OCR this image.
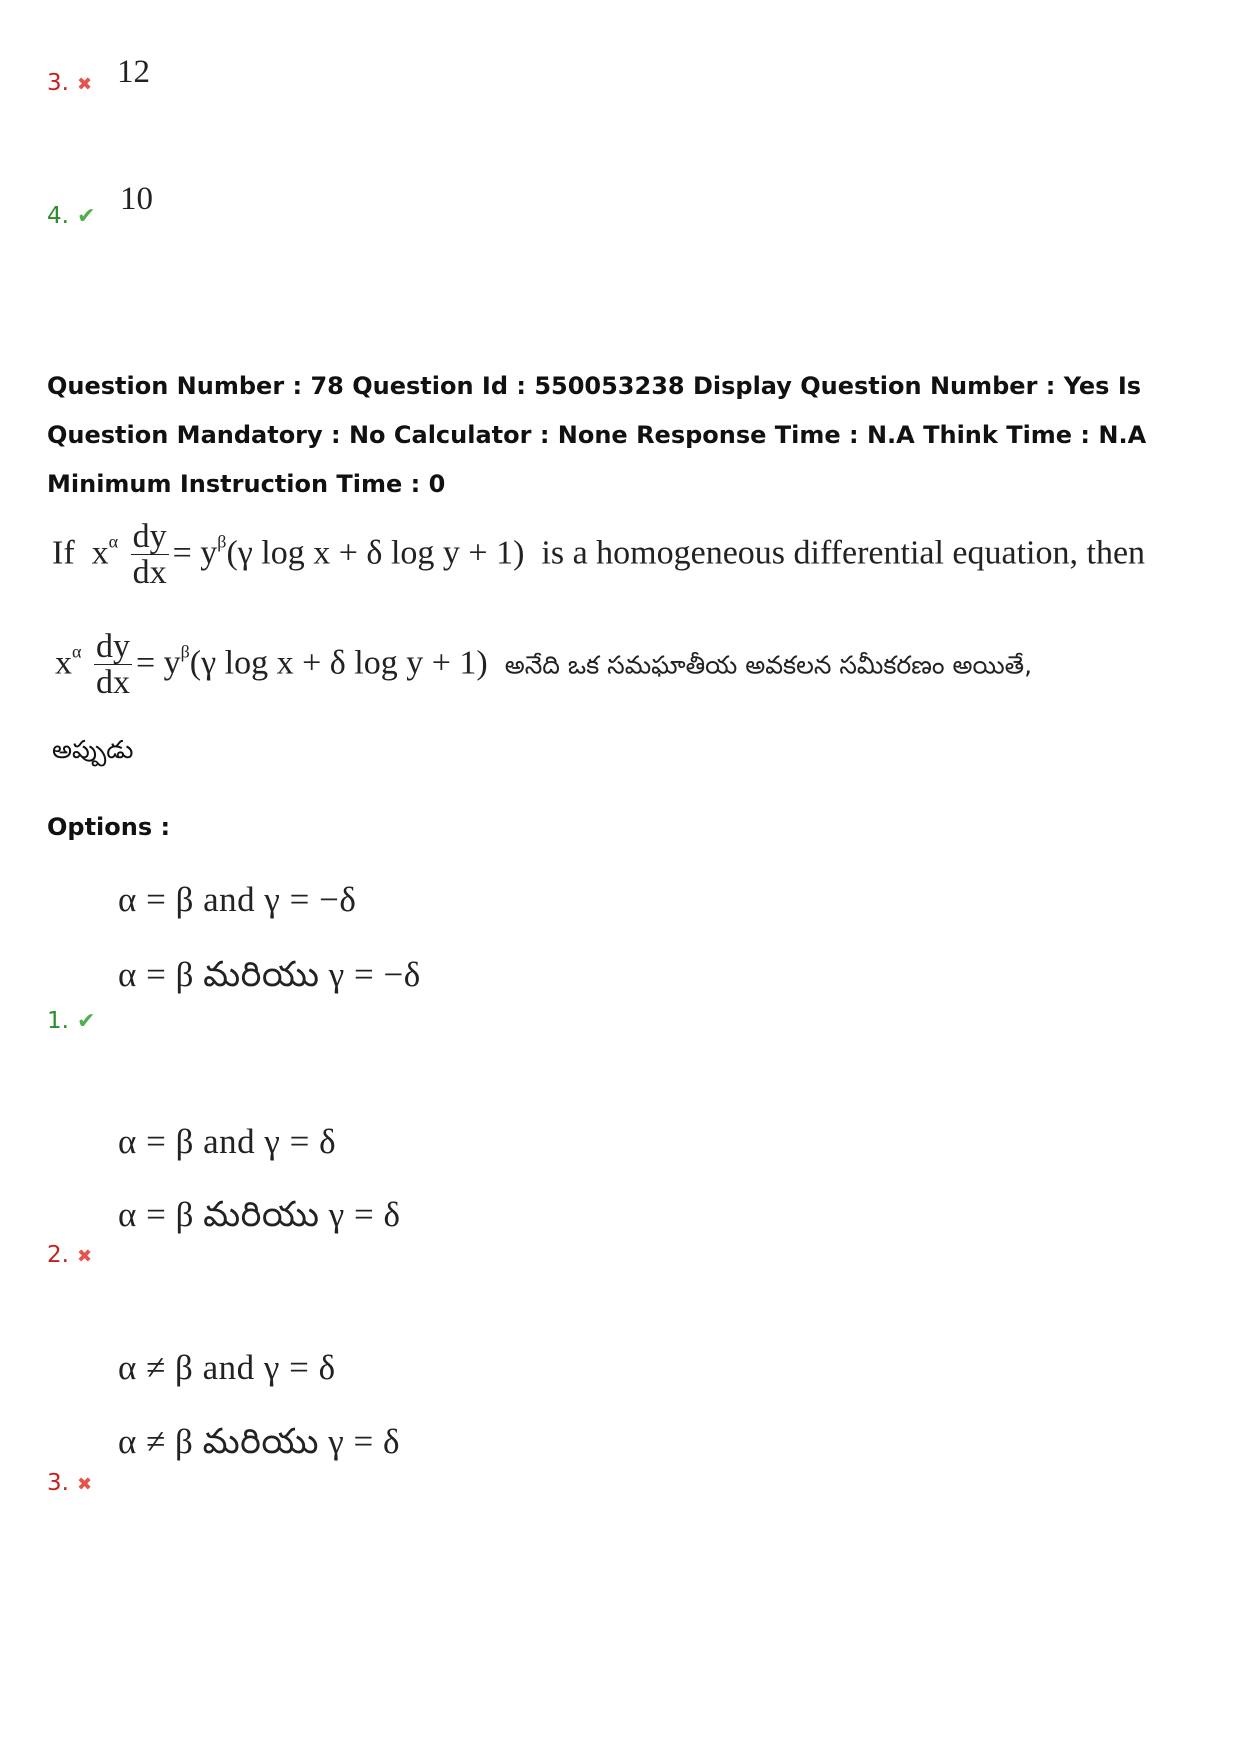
3. ✖ 12
4. ✔ 10
Question Number : 78 Question Id : 550053238 Display Question Number : Yes Is Question Mandatory : No Calculator : None Response Time : N.A Think Time : N.A Minimum Instruction Time : 0
If $x^\alpha \frac{dy}{dx} = y^\beta(\gamma$ log x + δ log y + 1) is a homogeneous differential equation, then
$x^\alpha \frac{dy}{dx} = y^\beta(\gamma$ log x + δ log y + 1) అనేది ఒక సమఘాతీయ అవకలన సమీకరణం అయితే,
అప్పుడు
Options :
α = β and γ = −δ
α = β మరియు γ = −δ
1. ✔
α = β and γ = δ
α = β మరియు γ = δ
2. ✖
α ≠ β and γ = δ
α ≠ β మరియు γ = δ
3. ✖
